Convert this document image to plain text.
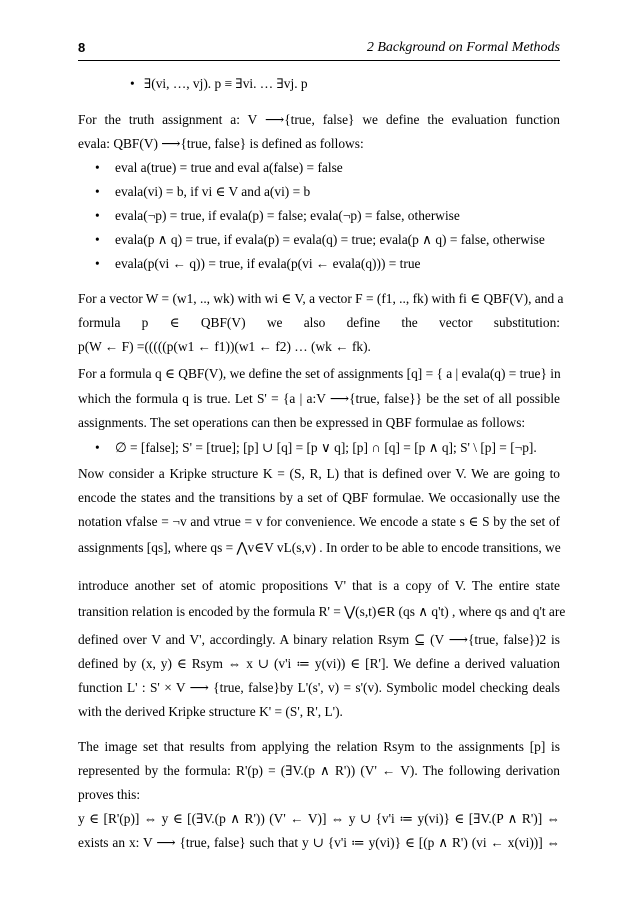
8	2 Background on Formal Methods
• ∃(vi, …, vj). p ≡ ∃vi. … ∃vj. p
For the truth assignment a: V ⟶{true, false} we define the evaluation function
evala: QBF(V) ⟶{true, false} is defined as follows:
• eval a(true) = true and eval a(false) = false
• evala(vi) = b, if vi ∈ V and a(vi) = b
• evala(¬p) = true, if evala(p) = false; evala(¬p) = false, otherwise
• evala(p ∧ q) = true, if evala(p) = evala(q) = true; evala(p ∧ q) = false, otherwise
• evala(p(vi ← q)) = true, if evala(p(vi ← evala(q))) = true
For a vector W = (w1, .., wk) with wi ∈ V, a vector F = (f1, .., fk) with fi ∈ QBF(V), and a
formula p ∈ QBF(V) we also define the vector substitution:
p(W ← F) =(((((p(w1 ← f1))(w1 ← f2) … (wk ← fk).
For a formula q ∈ QBF(V), we define the set of assignments [q] = { a | evala(q) = true} in
which the formula q is true. Let S' = {a | a:V ⟶{true, false}} be the set of all possible
assignments. The set operations can then be expressed in QBF formulae as follows:
• ∅ = [false]; S' = [true]; [p] ∪ [q] = [p ∨ q]; [p] ∩ [q] = [p ∧ q]; S' \ [p] = [¬p].
Now consider a Kripke structure K = (S, R, L) that is defined over V. We are going to
encode the states and the transitions by a set of QBF formulae. We occasionally use the
notation vfalse = ¬v and vtrue = v for convenience. We encode a state s ∈ S by the set of
assignments [qs], where qs = ⋀v∈V vL(s,v) . In order to be able to encode transitions, we
introduce another set of atomic propositions V' that is a copy of V. The entire state
transition relation is encoded by the formula R' = ⋁(s,t)∈R (qs ∧ q't) , where qs and q't are
defined over V and V', accordingly. A binary relation Rsym ⊆ (V ⟶{true, false})2 is
defined by (x, y) ∈ Rsym ⇔ x ∪ (v'i ≔ y(vi)) ∈ [R']. We define a derived valuation
function L' : S' × V ⟶ {true, false}by L'(s', v) = s'(v). Symbolic model checking deals
with the derived Kripke structure K' = (S', R', L').
The image set that results from applying the relation Rsym to the assignments [p] is
represented by the formula: R'(p) = (∃V.(p ∧ R')) (V' ← V). The following derivation
proves this:
y ∈ [R'(p)] ⇔ y ∈ [(∃V.(p ∧ R')) (V' ← V)] ⇔ y ∪ {v'i ≔ y(vi)} ∈ [∃V.(P ∧ R')] ⇔
exists an x: V ⟶ {true, false} such that y ∪ {v'i ≔ y(vi)} ∈ [(p ∧ R') (vi ← x(vi))] ⇔
